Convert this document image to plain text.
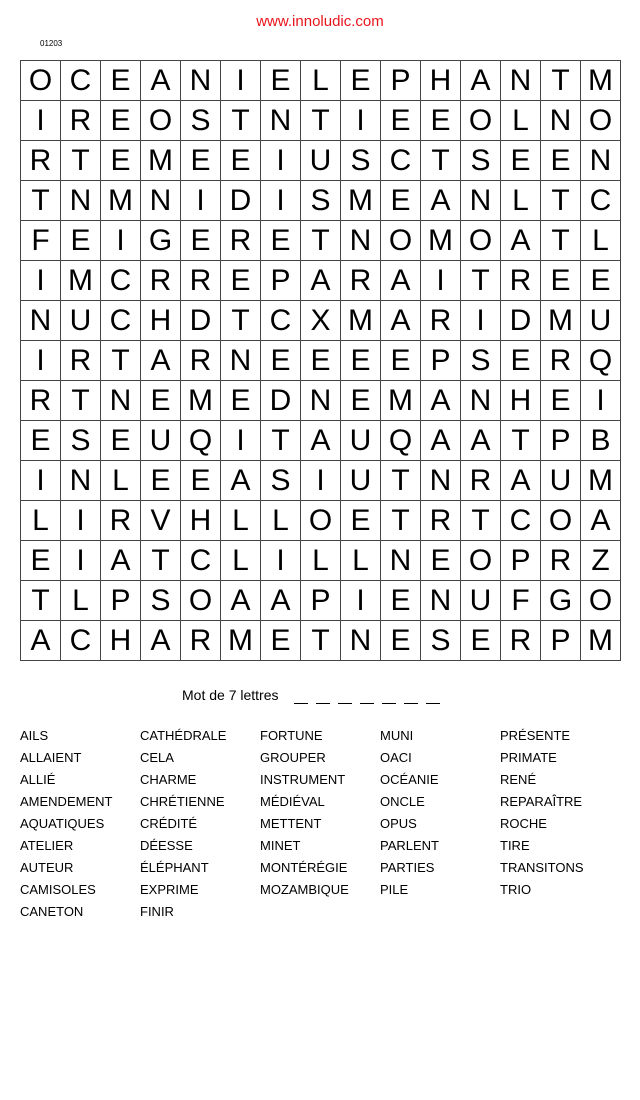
www.innoludic.com
01203
O	C	E	A	N	I	E	L	E	P	H	A	N	T	M
I	R	E	O	S	T	N	T	I	E	E	O	L	N	O
R	T	E	M	E	E	I	U	S	C	T	S	E	E	N
T	N	M	N	I	D	I	S	M	E	A	N	L	T	C
F	E	I	G	E	R	E	T	N	O	M	O	A	T	L
I	M	C	R	R	E	P	A	R	A	I	T	R	E	E
N	U	C	H	D	T	C	X	M	A	R	I	D	M	U
I	R	T	A	R	N	E	E	E	E	P	S	E	R	Q
R	T	N	E	M	E	D	N	E	M	A	N	H	E	I
E	S	E	U	Q	I	T	A	U	Q	A	A	T	P	B
I	N	L	E	E	A	S	I	U	T	N	R	A	U	M
L	I	R	V	H	L	L	O	E	T	R	T	C	O	A
E	I	A	T	C	L	I	L	L	N	E	O	P	R	Z
T	L	P	S	O	A	A	P	I	E	N	U	F	G	O
A	C	H	A	R	M	E	T	N	E	S	E	R	P	M
Mot de 7 lettres
AILS
ALLAIENT
ALLIÉ
AMENDEMENT
AQUATIQUES
ATELIER
AUTEUR
CAMISOLES
CANETON
CATHÉDRALE
CELA
CHARME
CHRÉTIENNE
CRÉDITÉ
DÉESSE
ÉLÉPHANT
EXPRIME
FINIR
FORTUNE
GROUPER
INSTRUMENT
MÉDIÉVAL
METTENT
MINET
MONTÉRÉGIE
MOZAMBIQUE
MUNI
OACI
OCÉANIE
ONCLE
OPUS
PARLENT
PARTIES
PILE
PRÉSENTE
PRIMATE
RENÉ
REPARAÎTRE
ROCHE
TIRE
TRANSITONS
TRIO
